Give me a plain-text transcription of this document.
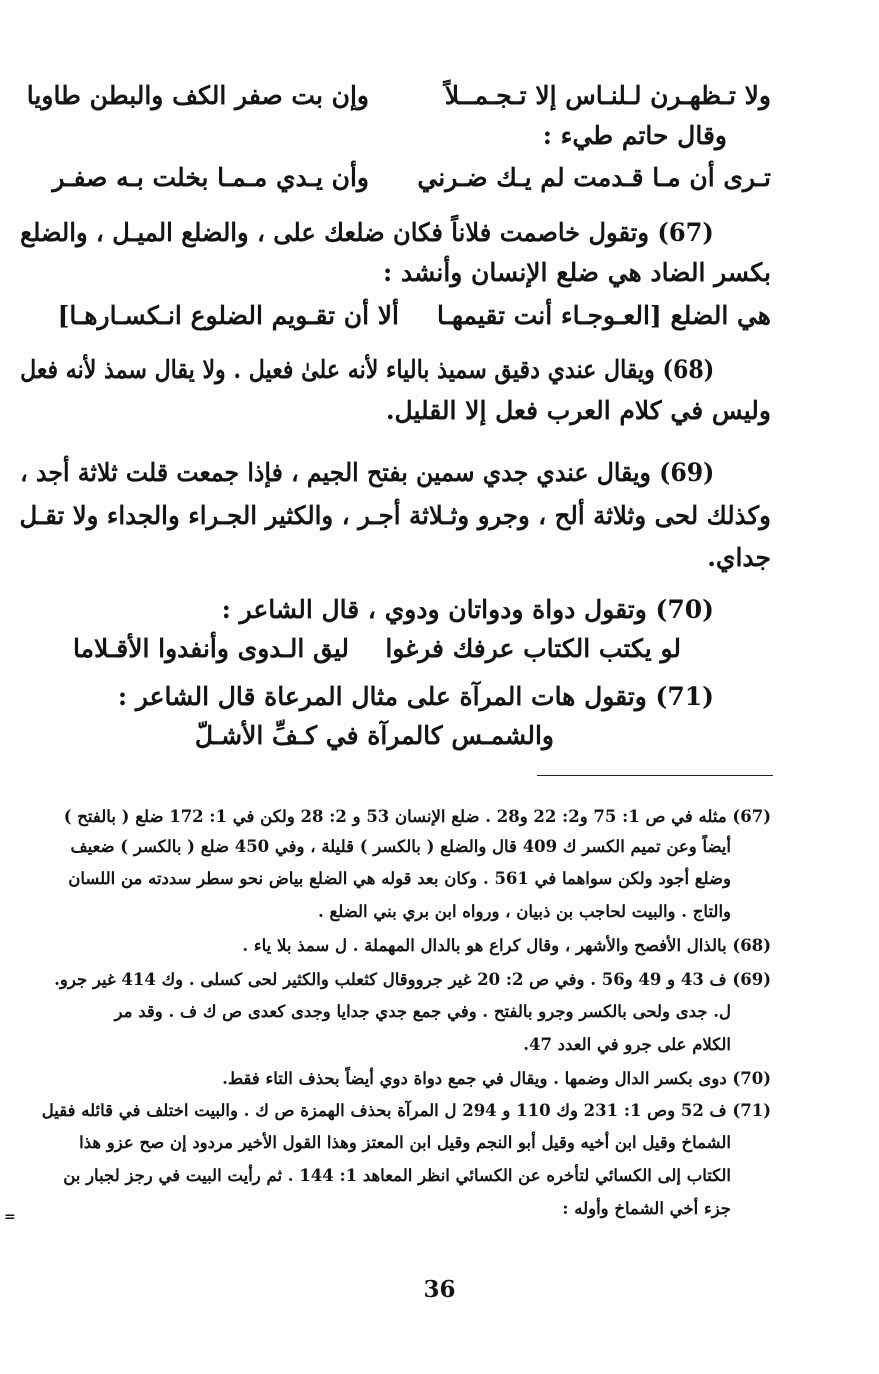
ولا تـظهـرن لـلنـاس إلا تـجـمــلاً
وإن بت صفر الكف والبطن طاويا
وقال حاتم طيء :
تـرى أن مـا قـدمت لم يـك ضـرني
وأن يـدي مـمـا بخلت بـه صفـر
(67) وتقول خاصمت فلاناً فكان ضلعك على ، والضلع الميـل ، والضلع
بكسر الضاد هي ضلع الإنسان وأنشد :
هي الضلع [العـوجـاء أنت تقيمهـا
ألا أن تقـويم الضلوع انـكسـارهـا]
(68) ويقال عندي دقيق سميذ بالياء لأنه علىٰ فعيل . ولا يقال سمذ لأنه فعل
وليس في كلام العرب فعل إلا القليل.
(69) ويقال عندي جدي سمين بفتح الجيم ، فإذا جمعت قلت ثلاثة أجد ،
وكذلك لحى وثلاثة ألح ، وجرو وثـلاثة أجـر ، والكثير الجـراء والجداء ولا تقـل
جداي.
(70) وتقول دواة ودواتان ودوي ، قال الشاعر :
لو يكتب الكتاب عرفك فرغوا
ليق الـدوى وأنفدوا الأقـلاما
(71) وتقول هات المرآة على مثال المرعاة قال الشاعر :
والشمـس كالمرآة في كـفِّ الأشـلّ
(67) مثله في ص 1: 75 و2: 22 و28 . ضلع الإنسان 53 و 2: 28 ولكن في 1: 172 ضلع ( بالفتح )
أيضاً وعن تميم الكسر ك 409 قال والضلع ( بالكسر ) قليلة ، وفي 450 ضلع ( بالكسر ) ضعيف
وضلع أجود ولكن سواهما في 561 . وكان بعد قوله هي الضلع بياض نحو سطر سددته من اللسان
والتاج . والبيت لحاجب بن ذبيان ، ورواه ابن بري بني الضلع .
(68) بالذال الأفصح والأشهر ، وقال كراع هو بالدال المهملة . ل سمذ بلا ياء .
(69) ف 43 و 49 و56 . وفي ص 2: 20 غير جرووقال كثعلب والكثير لحى كسلى . وك 414 غير جرو.
ل. جدى ولحى بالكسر وجرو بالفتح . وفي جمع جدي جدايا وجدى كعدى ص ك ف . وقد مر
الكلام على جرو في العدد 47.
(70) دوى بكسر الدال وضمها . ويقال في جمع دواة دوي أيضاً بحذف التاء فقط.
(71) ف 52 وص 1: 231 وك 110 و 294 ل المرآة بحذف الهمزة ص ك . والبيت اختلف في قائله فقيل
الشماخ وقيل ابن أخيه وقيل أبو النجم وقيل ابن المعتز وهذا القول الأخير مردود إن صح عزو هذا
الكتاب إلى الكسائي لتأخره عن الكسائي انظر المعاهد 1: 144 . ثم رأيت البيت في رجز لجبار بن
جزء أخي الشماخ وأوله :
=
36
